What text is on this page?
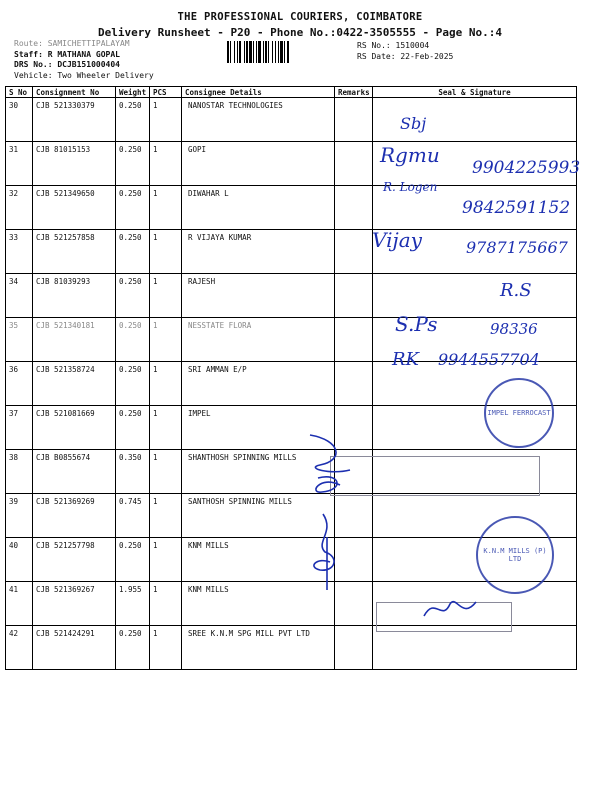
THE PROFESSIONAL COURIERS, COIMBATORE
Delivery Runsheet - P20 - Phone No.:0422-3505555 - Page No.:4
Route: SAMICHETTIPALAYAM
Staff: R MATHANA GOPAL
DRS No.: DCJB151000404
Vehicle: Two Wheeler Delivery
RS No.: 1510004
RS Date: 22-Feb-2025
S No	Consignment No	Weight	PCS	Consignee Details	Remarks	Seal & Signature
30	CJB 521330379	0.250	1	NANOSTAR TECHNOLOGIES		
31	CJB 81015153	0.250	1	GOPI		
32	CJB 521349650	0.250	1	DIWAHAR L		
33	CJB 521257858	0.250	1	R VIJAYA KUMAR		
34	CJB 81039293	0.250	1	RAJESH		
35	CJB 521340181	0.250	1	NESSTATE FLORA		
36	CJB 521358724	0.250	1	SRI AMMAN E/P		
37	CJB 521081669	0.250	1	IMPEL		
38	CJB B0855674	0.350	1	SHANTHOSH SPINNING MILLS		
39	CJB 521369269	0.745	1	SANTHOSH SPINNING MILLS		
40	CJB 521257798	0.250	1	KNM MILLS		
41	CJB 521369267	1.955	1	KNM MILLS		
42	CJB 521424291	0.250	1	SREE K.N.M SPG MILL PVT LTD		
Sbj
Rgmu
9904225993
R. Logen
9842591152
Vijay	9787175667
R.S
S.Ps	98336
RK 9944557704
IMPEL FERROCAST
K.N.M MILLS (P) LTD
